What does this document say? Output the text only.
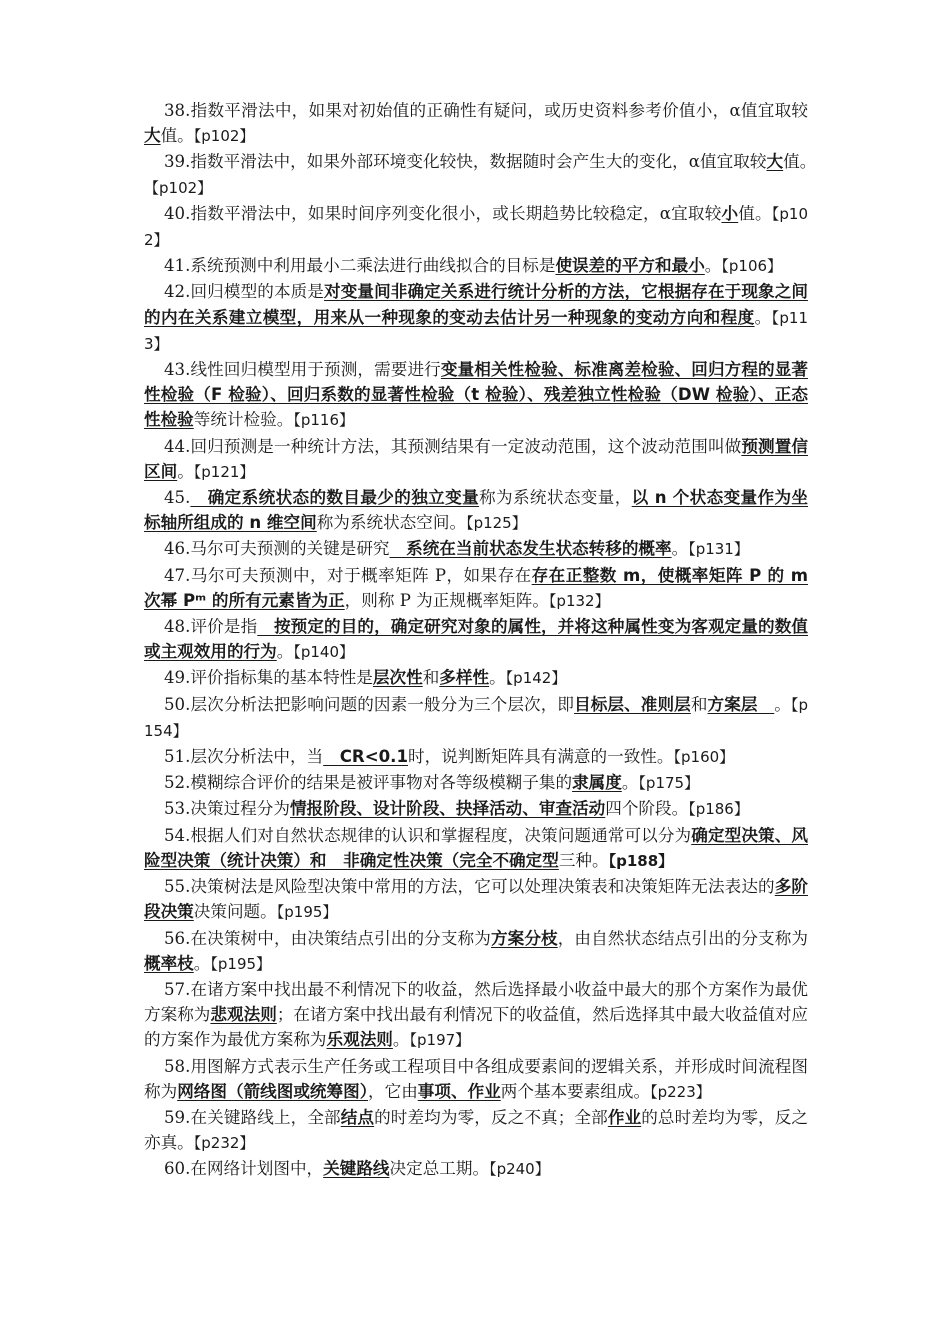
38.指数平滑法中，如果对初始值的正确性有疑问，或历史资料参考价值小，α值宜取较大值。【p102】
39.指数平滑法中，如果外部环境变化较快，数据随时会产生大的变化，α值宜取较大值。　　　【p102】
40.指数平滑法中，如果时间序列变化很小，或长期趋势比较稳定，α宜取较小值。【p102】
41.系统预测中利用最小二乘法进行曲线拟合的目标是使误差的平方和最小。【p106】
42.回归模型的本质是对变量间非确定关系进行统计分析的方法，它根据存在于现象之间的内在关系建立模型，用来从一种现象的变动去估计另一种现象的变动方向和程度。【p113】
43.线性回归模型用于预测，需要进行变量相关性检验、标准离差检验、回归方程的显著性检验（F 检验）、回归系数的显著性检验（t 检验）、残差独立性检验（DW 检验）、正态性检验等统计检验。【p116】
44.回归预测是一种统计方法，其预测结果有一定波动范围，这个波动范围叫做预测置信区间。【p121】
45.　确定系统状态的数目最少的独立变量称为系统状态变量，以 n 个状态变量作为坐标轴所组成的 n 维空间称为系统状态空间。【p125】
46.马尔可夫预测的关键是研究　系统在当前状态发生状态转移的概率。【p131】
47.马尔可夫预测中，对于概率矩阵 P，如果存在存在正整数 m，使概率矩阵 P 的 m 次幂 Pᵐ 的所有元素皆为正，则称 P 为正规概率矩阵。【p132】
48.评价是指　按预定的目的，确定研究对象的属性，并将这种属性变为客观定量的数值或主观效用的行为。【p140】
49.评价指标集的基本特性是层次性和多样性。【p142】
50.层次分析法把影响问题的因素一般分为三个层次，即目标层、准则层和方案层　。【p154】
51.层次分析法中，当　CR<0.1时，说判断矩阵具有满意的一致性。【p160】
52.模糊综合评价的结果是被评事物对各等级模糊子集的隶属度。【p175】
53.决策过程分为情报阶段、设计阶段、抉择活动、审查活动四个阶段。【p186】
54.根据人们对自然状态规律的认识和掌握程度，决策问题通常可以分为确定型决策、风险型决策（统计决策）和　非确定性决策（完全不确定型三种。【p188】
55.决策树法是风险型决策中常用的方法，它可以处理决策表和决策矩阵无法表达的多阶段决策决策问题。【p195】
56.在决策树中，由决策结点引出的分支称为方案分枝，由自然状态结点引出的分支称为概率枝。【p195】
57.在诸方案中找出最不利情况下的收益，然后选择最小收益中最大的那个方案作为最优方案称为悲观法则；在诸方案中找出最有利情况下的收益值，然后选择其中最大收益值对应的方案作为最优方案称为乐观法则。【p197】
58.用图解方式表示生产任务或工程项目中各组成要素间的逻辑关系，并形成时间流程图称为网络图（箭线图或统筹图），它由事项、作业两个基本要素组成。【p223】
59.在关键路线上，全部结点的时差均为零，反之不真；全部作业的总时差均为零，反之亦真。【p232】
60.在网络计划图中，关键路线决定总工期。【p240】
